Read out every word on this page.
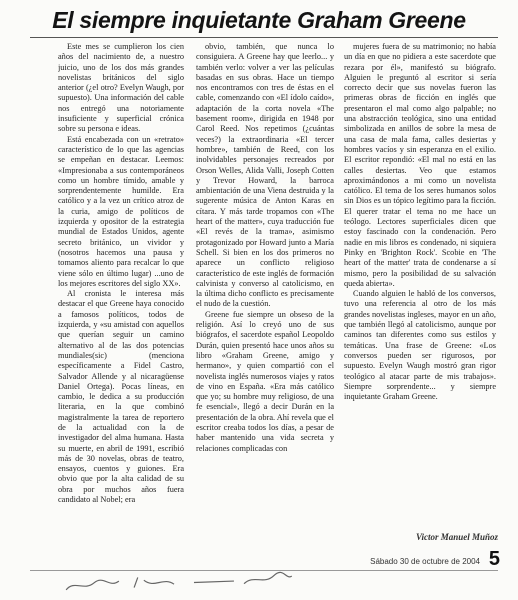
El siempre inquietante Graham Greene

Este mes se cumplieron los cien años del nacimiento de, a nuestro juicio, uno de los dos más grandes novelistas británicos del siglo anterior (¿el otro? Evelyn Waugh, por supuesto). Una información del cable nos entregó una notoriamente insuficiente y superficial crónica sobre su persona e ideas.

Está encabezada con un «retrato» característico de lo que las agencias se empeñan en destacar. Leemos: «Impresionaba a sus contemporáneos como un hombre tímido, amable y sorprendentemente humilde. Era católico y a la vez un crítico atroz de la curia, amigo de políticos de izquierda y opositor de la estrategia mundial de Estados Unidos, agente secreto británico, un vividor y (nosotros hacemos una pausa y tomamos aliento para recalcar lo que viene sólo en último lugar) ...uno de los mejores escritores del siglo XX».

Al cronista le interesa más destacar el que Greene haya conocido a famosos políticos, todos de izquierda, y «su amistad con aquellos que querían seguir un camino alternativo al de las dos potencias mundiales(sic) (menciona específicamente a Fidel Castro, Salvador Allende y al nicaragüense Daniel Ortega). Pocas líneas, en cambio, le dedica a su producción literaria, en la que combinó magistralmente la tarea de reportero de la actualidad con la de investigador del alma humana. Hasta su muerte, en abril de 1991, escribió más de 30 novelas, obras de teatro, ensayos, cuentos y guiones. Era obvio que por la alta calidad de su obra por muchos años fuera candidato al Nobel; era

obvio, también, que nunca lo consiguiera. A Greene hay que leerlo... y también verlo: volver a ver las películas basadas en sus obras. Hace un tiempo nos encontramos con tres de éstas en el cable, comenzando con «El ídolo caído», adaptación de la corta novela «The basement room», dirigida en 1948 por Carol Reed. Nos repetimos (¿cuántas veces?) la extraordinaria «El tercer hombre», también de Reed, con los inolvidables personajes recreados por Orson Welles, Alida Valli, Joseph Cotten y Trevor Howard, la barroca ambientación de una Viena destruida y la sugerente música de Anton Karas en cítara. Y más tarde tropamos con «The heart of the matter», cuya traducción fue «El revés de la trama», asimismo protagonizado por Howard junto a María Schell. Si bien en los dos primeros no aparece un conflicto religioso característico de este inglés de formación calvinista y converso al catolicismo, en la última dicho conflicto es precisamente el nudo de la cuestión.

Greene fue siempre un obseso de la religión. Así lo creyó uno de sus biógrafos, el sacerdote español Leopoldo Durán, quien presentó hace unos años su libro «Graham Greene, amigo y hermano», y quien compartió con el novelista inglés numerosos viajes y ratos de vino en España. «Era más católico que yo; su hombre muy religioso, de una fe esencial», llegó a decir Durán en la presentación de la obra. Ahí revela que el escritor creaba todos los días, a pesar de haber mantenido una vida secreta y relaciones complicadas con

mujeres fuera de su matrimonio; no había un día en que no pidiera a este sacerdote que rezara por él», manifestó su biógrafo. Alguien le preguntó al escritor si sería correcto decir que sus novelas fueron las primeras obras de ficción en inglés que presentaron el mal como algo palpable; no una abstracción teológica, sino una entidad simbolizada en anillos de sobre la mesa de una casa de mala fama, calles desiertas y hombres vacíos y sin esperanza en el exilio. El escritor repondió: «El mal no está en las calles desiertas. Veo que estamos aproximándonos a mi como un novelista católico. El tema de los seres humanos solos sin Dios es un tópico legítimo para la ficción. El querer tratar el tema no me hace un teólogo. Lectores superficiales dicen que estoy fascinado con la condenación. Pero nadie en mis libros es condenado, ni siquiera Pinky en 'Brighton Rock'. Scobie en 'The heart of the matter' trata de condenarse a sí mismo, pero la posibilidad de su salvación queda abierta».

Cuando alguien le habló de los conversos, tuvo una referencia al otro de los más grandes novelistas ingleses, mayor en un año, que también llegó al catolicismo, aunque por caminos tan diferentes como sus estilos y temáticas. Una frase de Greene: «Los conversos pueden ser rigurosos, por supuesto. Evelyn Waugh mostró gran rigor teológico al atacar parte de mis trabajos». Siempre sorprendente... y siempre inquietante Graham Greene.

Victor Manuel Muñoz
Sábado 30 de octubre de 2004 5
